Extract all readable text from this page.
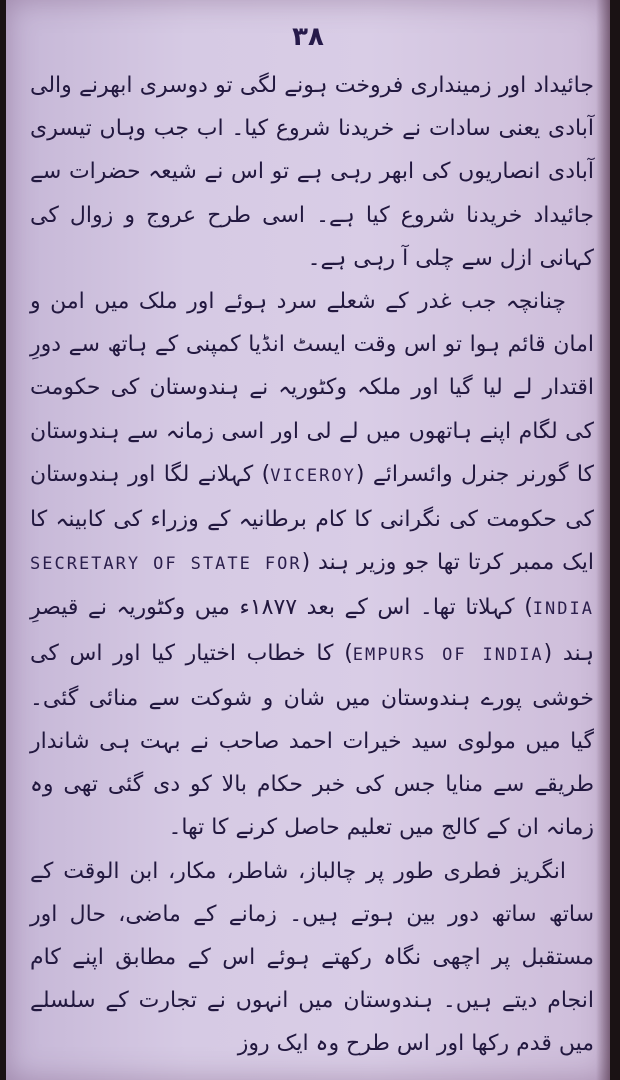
۳۸

جائیداد اور زمینداری فروخت ہونے لگی تو دوسری ابھرنے والی آبادی یعنی سادات نے خریدنا شروع کیا۔ اب جب وہاں تیسری آبادی انصاریوں کی ابھر رہی ہے تو اس نے شیعہ حضرات سے جائیداد خریدنا شروع کیا ہے۔ اسی طرح عروج و زوال کی کہانی ازل سے چلی آ رہی ہے۔

چنانچہ جب غدر کے شعلے سرد ہوئے اور ملک میں امن و امان قائم ہوا تو اس وقت ایسٹ انڈیا کمپنی کے ہاتھ سے دورِ اقتدار لے لیا گیا اور ملکہ وکٹوریہ نے ہندوستان کی حکومت کی لگام اپنے ہاتھوں میں لے لی اور اسی زمانہ سے ہندوستان کا گورنر جنرل وائسرائے (VICEROY) کہلانے لگا اور ہندوستان کی حکومت کی نگرانی کا کام برطانیہ کے وزراء کی کابینہ کا ایک ممبر کرتا تھا جو وزیر ہند (SECRETARY OF STATE FOR INDIA) کہلاتا تھا۔ اس کے بعد ۱۸۷۷ء میں وکٹوریہ نے قیصرِ ہند (EMPURS OF INDIA) کا خطاب اختیار کیا اور اس کی خوشی پورے ہندوستان میں شان و شوکت سے منائی گئی۔ گیا میں مولوی سید خیرات احمد صاحب نے بہت ہی شاندار طریقے سے منایا جس کی خبر حکام بالا کو دی گئی تھی وہ زمانہ ان کے کالج میں تعلیم حاصل کرنے کا تھا۔

انگریز فطری طور پر چالباز، شاطر، مکار، ابن الوقت کے ساتھ ساتھ دور بین ہوتے ہیں۔ زمانے کے ماضی، حال اور مستقبل پر اچھی نگاہ رکھتے ہوئے اس کے مطابق اپنے کام انجام دیتے ہیں۔ ہندوستان میں انہوں نے تجارت کے سلسلے میں قدم رکھا اور اس طرح وہ ایک روز
